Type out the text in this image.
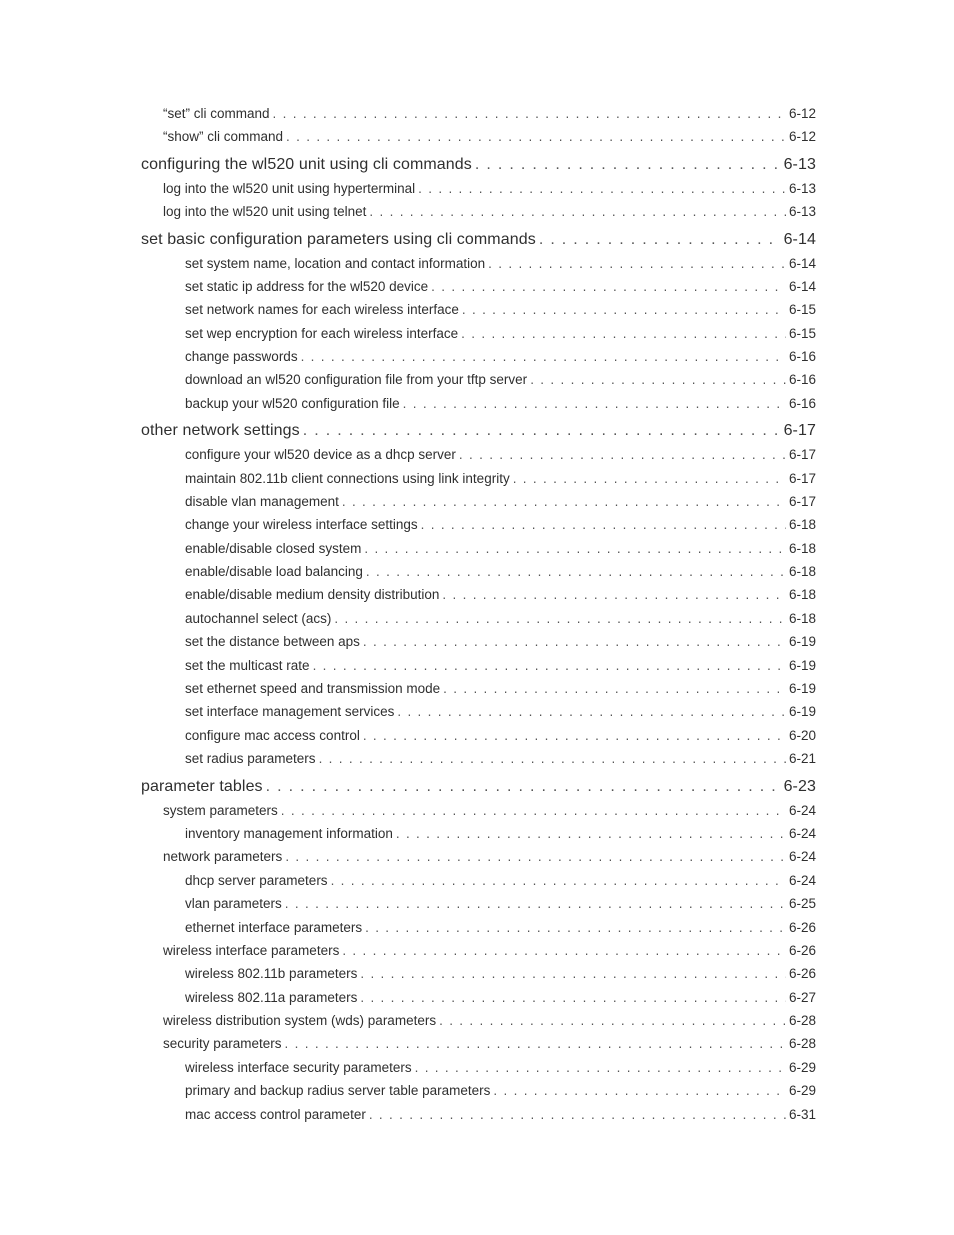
“set” cli command . . .	6-12
“show” cli command . . .	6-12
configuring the wl520 unit using cli commands . . .	6-13
log into the wl520 unit using hyperterminal . . .	6-13
log into the wl520 unit using telnet . . .	6-13
set basic configuration parameters using cli commands . . .	6-14
set system name, location and contact information . . .	6-14
set static ip address for the wl520 device . . .	6-14
set network names for each wireless interface . . .	6-15
set wep encryption for each wireless interface . . .	6-15
change passwords . . .	6-16
download an wl520 configuration file from your tftp server . . .	6-16
backup your wl520 configuration file . . .	6-16
other network settings . . .	6-17
configure your wl520 device as a dhcp server . . .	6-17
maintain 802.11b client connections using link integrity . . .	6-17
disable vlan management . . .	6-17
change your wireless interface settings . . .	6-18
enable/disable closed system . . .	6-18
enable/disable load balancing . . .	6-18
enable/disable medium density distribution . . .	6-18
autochannel select (acs) . . .	6-18
set the distance between aps . . .	6-19
set the multicast rate . . .	6-19
set ethernet speed and transmission mode . . .	6-19
set interface management services . . .	6-19
configure mac access control . . .	6-20
set radius parameters . . .	6-21
parameter tables . . .	6-23
system parameters . . .	6-24
inventory management information . . .	6-24
network parameters . . .	6-24
dhcp server parameters . . .	6-24
vlan parameters . . .	6-25
ethernet interface parameters . . .	6-26
wireless interface parameters . . .	6-26
wireless 802.11b parameters . . .	6-26
wireless 802.11a parameters . . .	6-27
wireless distribution system (wds) parameters . . .	6-28
security parameters . . .	6-28
wireless interface security parameters . . .	6-29
primary and backup radius server table parameters . . .	6-29
mac access control parameter . . .	6-31
